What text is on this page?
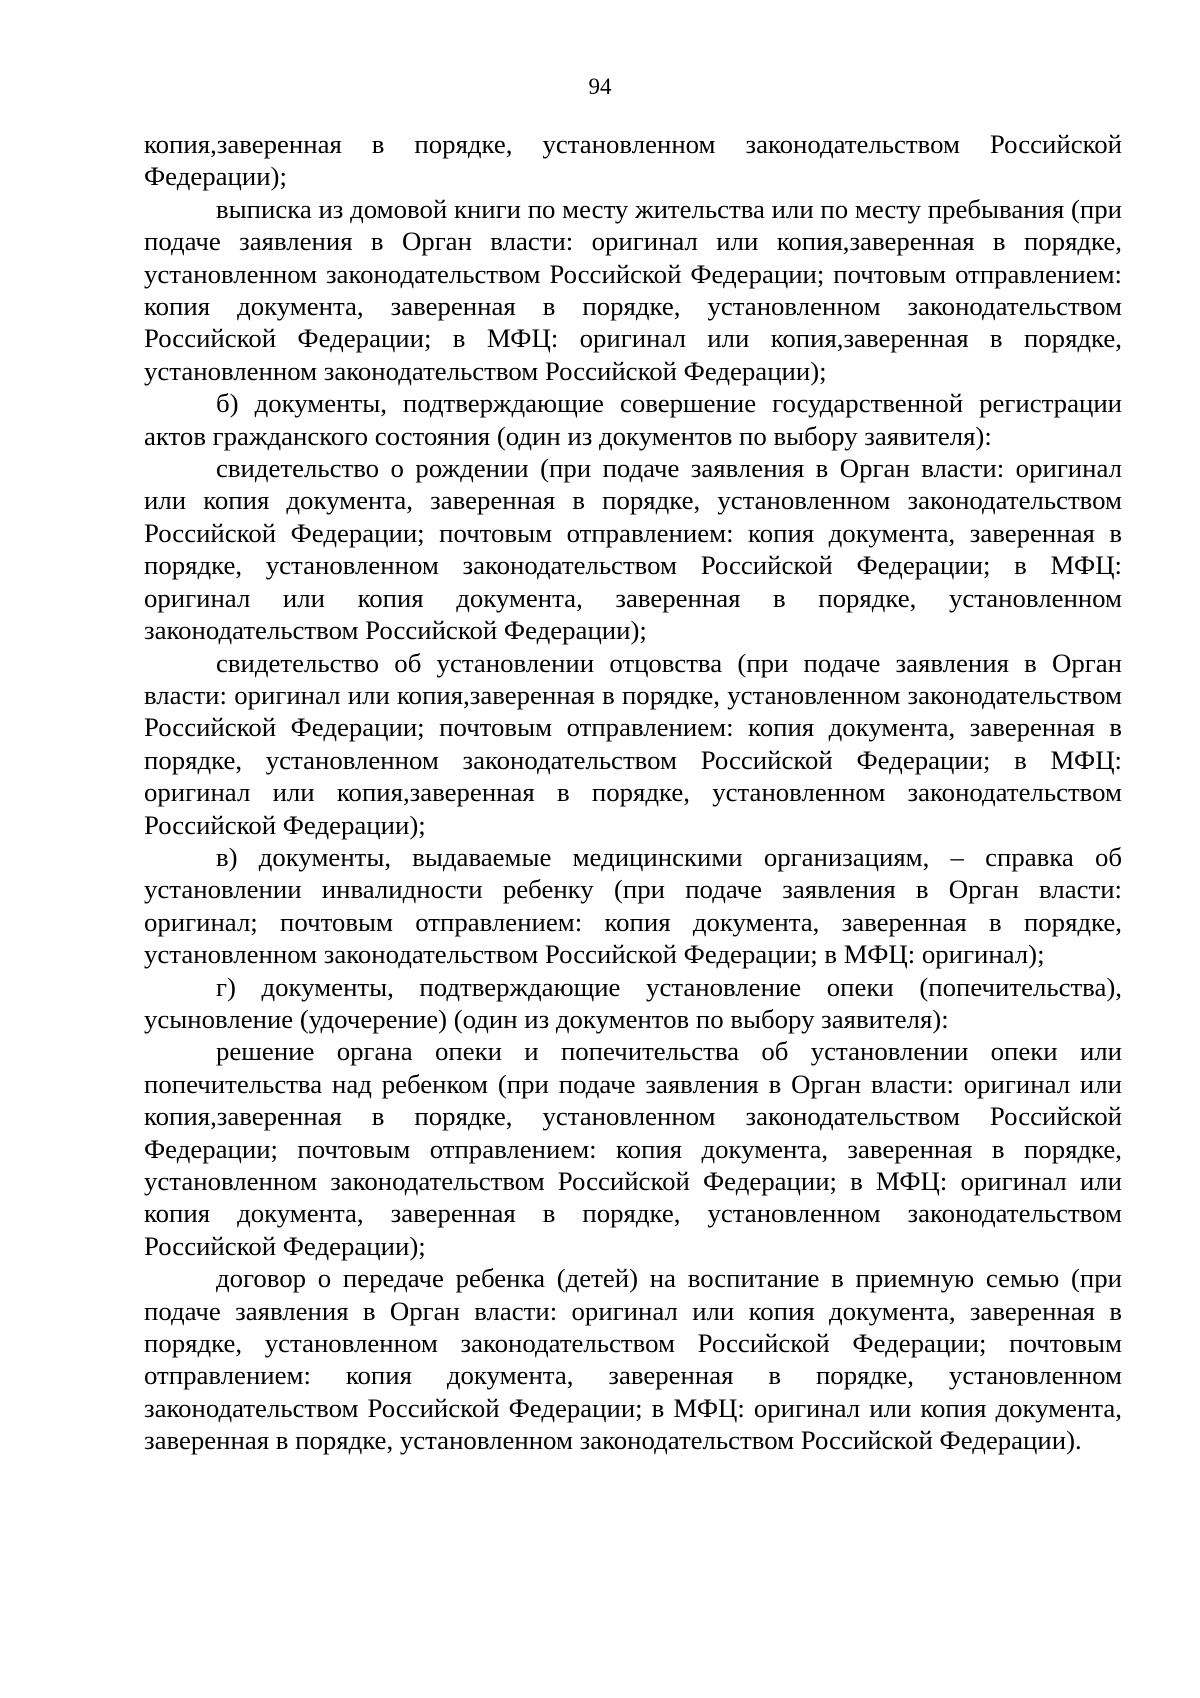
94

копия,заверенная в порядке, установленном законодательством Российской Федерации);

выписка из домовой книги по месту жительства или по месту пребывания (при подаче заявления в Орган власти: оригинал или копия,заверенная в порядке, установленном законодательством Российской Федерации; почтовым отправлением: копия документа, заверенная в порядке, установленном законодательством Российской Федерации; в МФЦ: оригинал или копия,заверенная в порядке, установленном законодательством Российской Федерации);

б) документы, подтверждающие совершение государственной регистрации актов гражданского состояния (один из документов по выбору заявителя):

свидетельство о рождении (при подаче заявления в Орган власти: оригинал или копия документа, заверенная в порядке, установленном законодательством Российской Федерации; почтовым отправлением: копия документа, заверенная в порядке, установленном законодательством Российской Федерации; в МФЦ: оригинал или копия документа, заверенная в порядке, установленном законодательством Российской Федерации);

свидетельство об установлении отцовства (при подаче заявления в Орган власти: оригинал или копия,заверенная в порядке, установленном законодательством Российской Федерации; почтовым отправлением: копия документа, заверенная в порядке, установленном законодательством Российской Федерации; в МФЦ: оригинал или копия,заверенная в порядке, установленном законодательством Российской Федерации);

в) документы, выдаваемые медицинскими организациям, – справка об установлении инвалидности ребенку (при подаче заявления в Орган власти: оригинал; почтовым отправлением: копия документа, заверенная в порядке, установленном законодательством Российской Федерации; в МФЦ: оригинал);

г) документы, подтверждающие установление опеки (попечительства), усыновление (удочерение) (один из документов по выбору заявителя):

решение органа опеки и попечительства об установлении опеки или попечительства над ребенком (при подаче заявления в Орган власти: оригинал или копия,заверенная в порядке, установленном законодательством Российской Федерации; почтовым отправлением: копия документа, заверенная в порядке, установленном законодательством Российской Федерации; в МФЦ: оригинал или копия документа, заверенная в порядке, установленном законодательством Российской Федерации);

договор о передаче ребенка (детей) на воспитание в приемную семью (при подаче заявления в Орган власти: оригинал или копия документа, заверенная в порядке, установленном законодательством Российской Федерации; почтовым отправлением: копия документа, заверенная в порядке, установленном законодательством Российской Федерации; в МФЦ: оригинал или копия документа, заверенная в порядке, установленном законодательством Российской Федерации).
